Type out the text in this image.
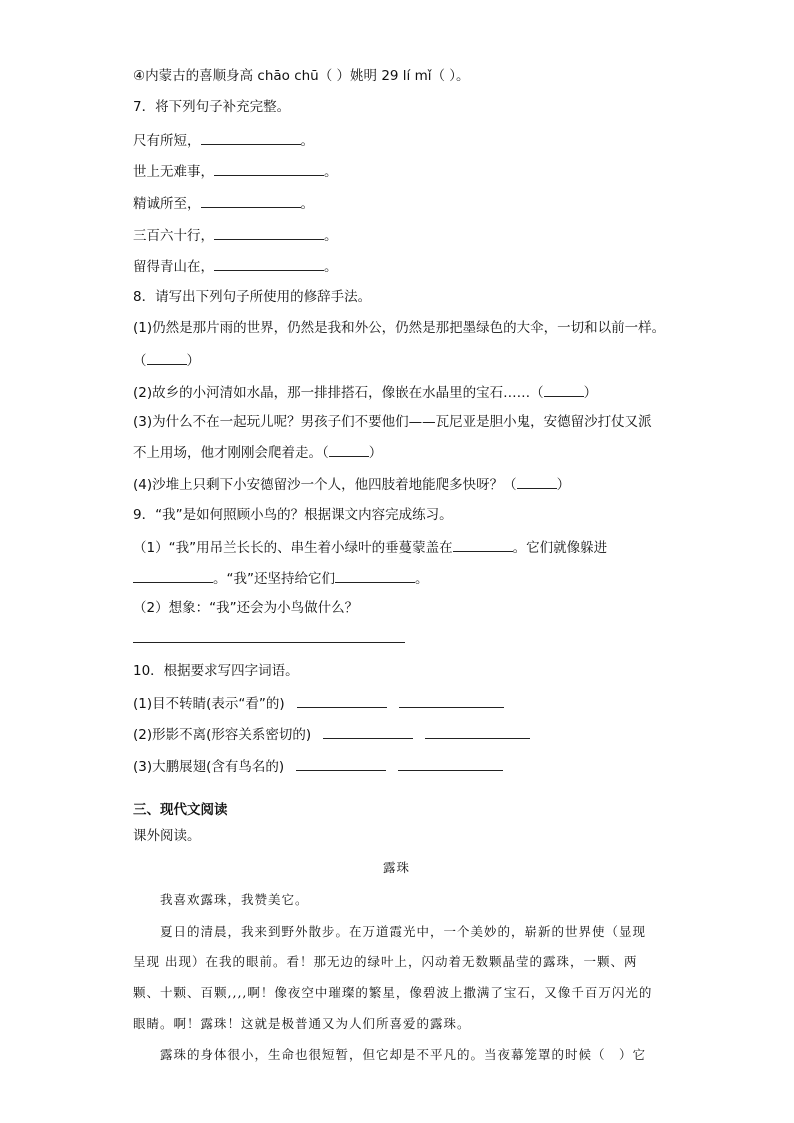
④内蒙古的喜顺身高 chāo chū（ ）姚明 29 lí mǐ（ ）。
7．将下列句子补充完整。
尺有所短，	。
世上无难事，	。
精诚所至，	。
三百六十行，	。
留得青山在，	。
8．请写出下列句子所使用的修辞手法。
(1)仍然是那片雨的世界，仍然是我和外公，仍然是那把墨绿色的大伞，一切和以前一样。
（	）
(2)故乡的小河清如水晶，那一排排搭石，像嵌在水晶里的宝石……（	）
(3)为什么不在一起玩儿呢？男孩子们不要他们——瓦尼亚是胆小鬼，安德留沙打仗又派
不上用场，他才刚刚会爬着走。（	）
(4)沙堆上只剩下小安德留沙一个人，他四肢着地能爬多快呀？（	）
9．“我”是如何照顾小鸟的？根据课文内容完成练习。
（1）“我”用吊兰长长的、串生着小绿叶的垂蔓蒙盖在	。它们就像躲进
。“我”还坚持给它们	。
（2）想象：“我”还会为小鸟做什么？
10．根据要求写四字词语。
(1)目不转睛(表示“看”的)
(2)形影不离(形容关系密切的)
(3)大鹏展翅(含有鸟名的)
三、现代文阅读
课外阅读。
露珠
我喜欢露珠，我赞美它。
夏日的清晨，我来到野外散步。在万道霞光中，一个美妙的，崭新的世界使（显现
呈现 出现）在我的眼前。看！那无边的绿叶上，闪动着无数颗晶莹的露珠，一颗、两
颗、十颗、百颗,,,,啊！像夜空中璀璨的繁星，像碧波上撒满了宝石，又像千百万闪光的
眼睛。啊！露珠！这就是极普通又为人们所喜爱的露珠。
露珠的身体很小，生命也很短暂，但它却是不平凡的。当夜幕笼罩的时候（　）它
